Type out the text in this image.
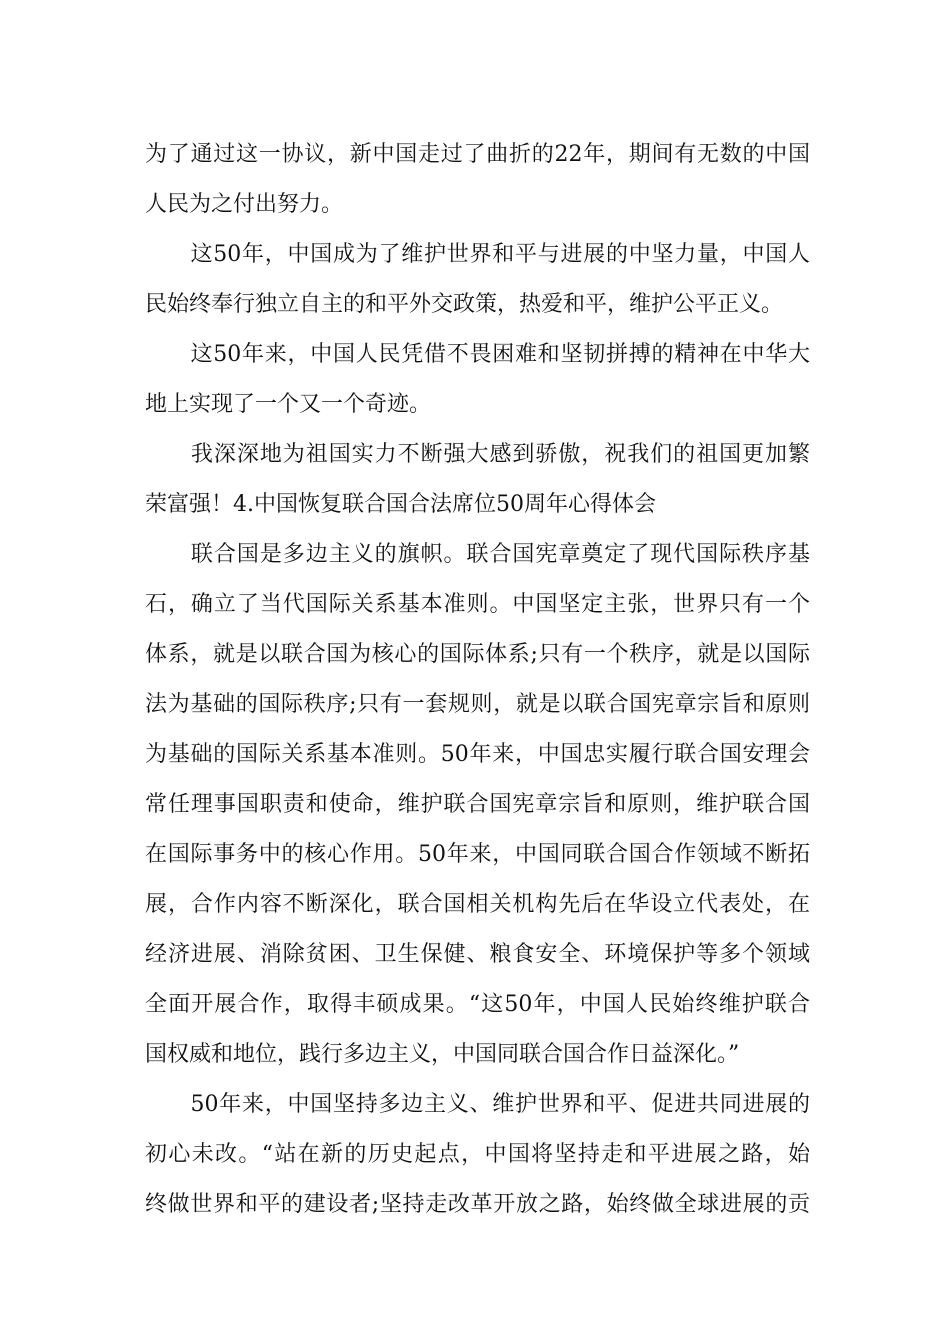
为了通过这一协议，新中国走过了曲折的22年，期间有无数的中国
人民为之付出努力。
　　这50年，中国成为了维护世界和平与进展的中坚力量，中国人
民始终奉行独立自主的和平外交政策，热爱和平，维护公平正义。
　　这50年来，中国人民凭借不畏困难和坚韧拼搏的精神在中华大
地上实现了一个又一个奇迹。
　　我深深地为祖国实力不断强大感到骄傲，祝我们的祖国更加繁
荣富强！4.中国恢复联合国合法席位50周年心得体会
　　联合国是多边主义的旗帜。联合国宪章奠定了现代国际秩序基
石，确立了当代国际关系基本准则。中国坚定主张，世界只有一个
体系，就是以联合国为核心的国际体系;只有一个秩序，就是以国际
法为基础的国际秩序;只有一套规则，就是以联合国宪章宗旨和原则
为基础的国际关系基本准则。50年来，中国忠实履行联合国安理会
常任理事国职责和使命，维护联合国宪章宗旨和原则，维护联合国
在国际事务中的核心作用。50年来，中国同联合国合作领域不断拓
展，合作内容不断深化，联合国相关机构先后在华设立代表处，在
经济进展、消除贫困、卫生保健、粮食安全、环境保护等多个领域
全面开展合作，取得丰硕成果。“这50年，中国人民始终维护联合
国权威和地位，践行多边主义，中国同联合国合作日益深化。”
　　50年来，中国坚持多边主义、维护世界和平、促进共同进展的
初心未改。“站在新的历史起点，中国将坚持走和平进展之路，始
终做世界和平的建设者;坚持走改革开放之路，始终做全球进展的贡
